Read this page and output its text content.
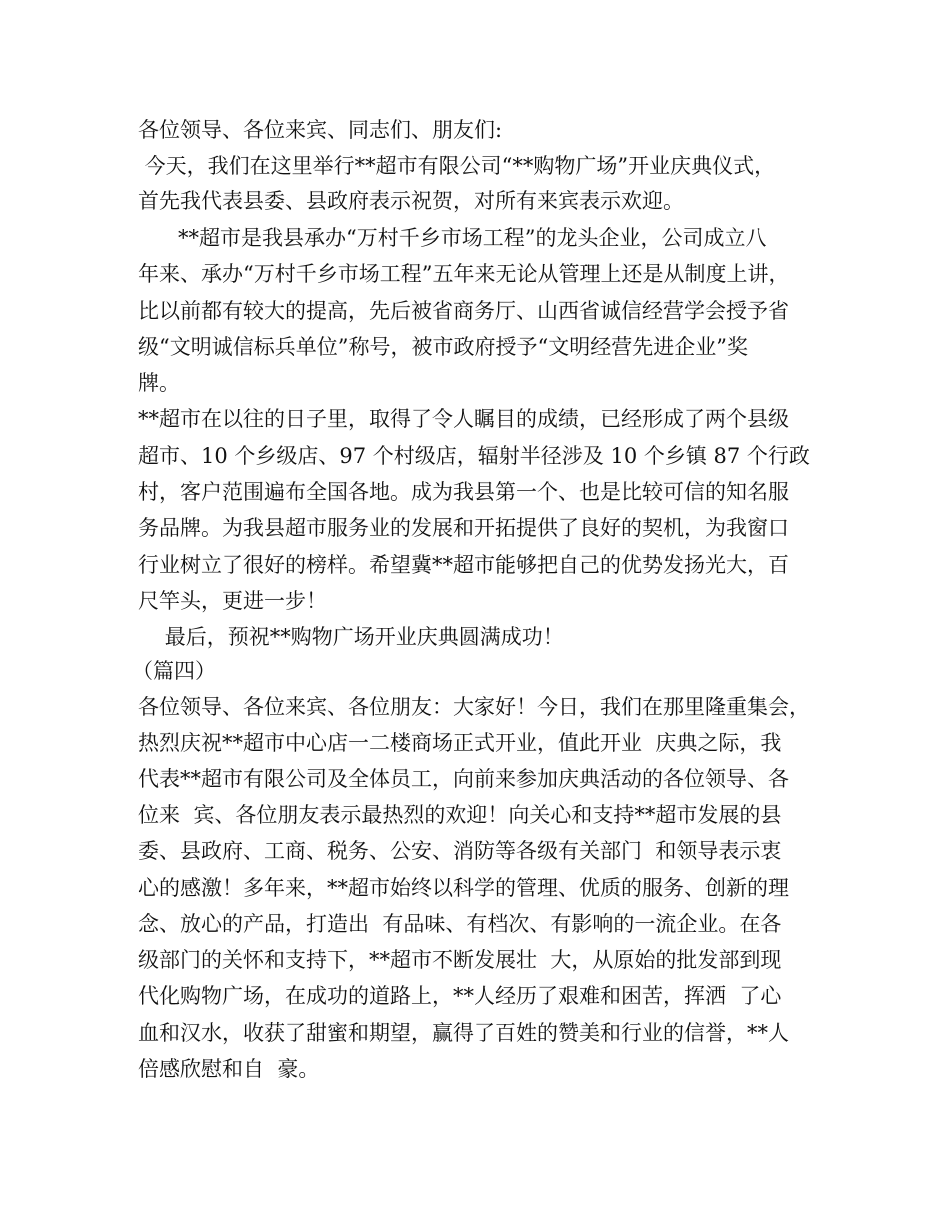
各位领导、各位来宾、同志们、朋友们:
今天，我们在这里举行**超市有限公司“**购物广场”开业庆典仪式，
首先我代表县委、县政府表示祝贺，对所有来宾表示欢迎。
**超市是我县承办“万村千乡市场工程”的龙头企业，公司成立八
年来、承办“万村千乡市场工程”五年来无论从管理上还是从制度上讲，
比以前都有较大的提高，先后被省商务厅、山西省诚信经营学会授予省
级“文明诚信标兵单位”称号，被市政府授予“文明经营先进企业”奖
牌。
**超市在以往的日子里，取得了令人瞩目的成绩，已经形成了两个县级
超市、10 个乡级店、97 个村级店，辐射半径涉及 10 个乡镇 87 个行政
村，客户范围遍布全国各地。成为我县第一个、也是比较可信的知名服
务品牌。为我县超市服务业的发展和开拓提供了良好的契机，为我窗口
行业树立了很好的榜样。希望冀**超市能够把自己的优势发扬光大，百
尺竿头，更进一步！
最后，预祝**购物广场开业庆典圆满成功！
（篇四）
各位领导、各位来宾、各位朋友：大家好！今日，我们在那里隆重集会，
热烈庆祝**超市中心店一二楼商场正式开业，值此开业  庆典之际，我
代表**超市有限公司及全体员工，向前来参加庆典活动的各位领导、各
位来  宾、各位朋友表示最热烈的欢迎！向关心和支持**超市发展的县
委、县政府、工商、税务、公安、消防等各级有关部门  和领导表示衷
心的感激！多年来，**超市始终以科学的管理、优质的服务、创新的理
念、放心的产品，打造出  有品味、有档次、有影响的一流企业。在各
级部门的关怀和支持下，**超市不断发展壮  大，从原始的批发部到现
代化购物广场，在成功的道路上，**人经历了艰难和困苦，挥洒  了心
血和汉水，收获了甜蜜和期望，赢得了百姓的赞美和行业的信誉，**人
倍感欣慰和自  豪。
